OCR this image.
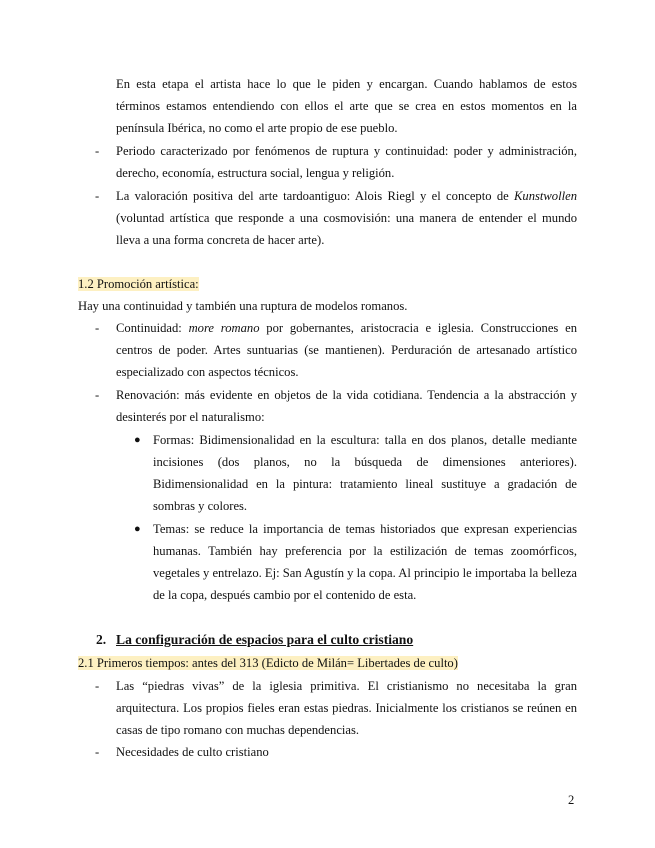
En esta etapa el artista hace lo que le piden y encargan. Cuando hablamos de estos términos estamos entendiendo con ellos el arte que se crea en estos momentos en la península Ibérica, no como el arte propio de ese pueblo.
- Periodo caracterizado por fenómenos de ruptura y continuidad: poder y administración, derecho, economía, estructura social, lengua y religión.
- La valoración positiva del arte tardoantiguo: Alois Riegl y el concepto de Kunstwollen (voluntad artística que responde a una cosmovisión: una manera de entender el mundo lleva a una forma concreta de hacer arte).
1.2 Promoción artística:
Hay una continuidad y también una ruptura de modelos romanos.
- Continuidad: more romano por gobernantes, aristocracia e iglesia. Construcciones en centros de poder. Artes suntuarias (se mantienen). Perduración de artesanado artístico especializado con aspectos técnicos.
- Renovación: más evidente en objetos de la vida cotidiana. Tendencia a la abstracción y desinterés por el naturalismo:
● Formas: Bidimensionalidad en la escultura: talla en dos planos, detalle mediante incisiones (dos planos, no la búsqueda de dimensiones anteriores). Bidimensionalidad en la pintura: tratamiento lineal sustituye a gradación de sombras y colores.
● Temas: se reduce la importancia de temas historiados que expresan experiencias humanas. También hay preferencia por la estilización de temas zoomórficos, vegetales y entrelazo. Ej: San Agustín y la copa. Al principio le importaba la belleza de la copa, después cambio por el contenido de esta.
2. La configuración de espacios para el culto cristiano
2.1 Primeros tiempos: antes del 313 (Edicto de Milán= Libertades de culto)
- Las “piedras vivas” de la iglesia primitiva. El cristianismo no necesitaba la gran arquitectura. Los propios fieles eran estas piedras. Inicialmente los cristianos se reúnen en casas de tipo romano con muchas dependencias.
- Necesidades de culto cristiano
2
